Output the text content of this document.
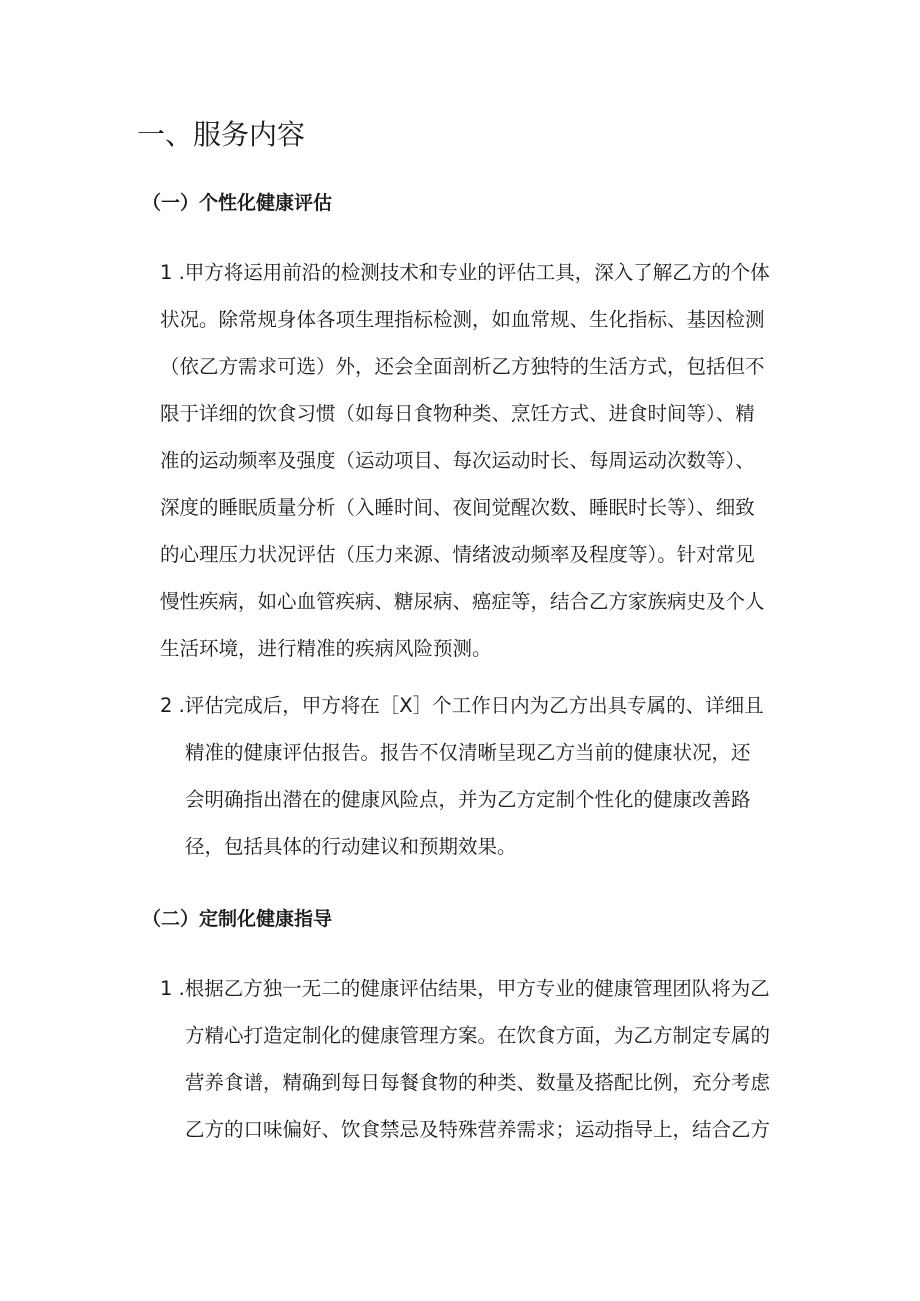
一、服务内容
（一）个性化健康评估
1 .甲方将运用前沿的检测技术和专业的评估工具，深入了解乙方的个体
状况。除常规身体各项生理指标检测，如血常规、生化指标、基因检测
（依乙方需求可选）外，还会全面剖析乙方独特的生活方式，包括但不
限于详细的饮食习惯（如每日食物种类、烹饪方式、进食时间等）、精
准的运动频率及强度（运动项目、每次运动时长、每周运动次数等）、
深度的睡眠质量分析（入睡时间、夜间觉醒次数、睡眠时长等）、细致
的心理压力状况评估（压力来源、情绪波动频率及程度等）。针对常见
慢性疾病，如心血管疾病、糖尿病、癌症等，结合乙方家族病史及个人
生活环境，进行精准的疾病风险预测。
2 .评估完成后，甲方将在［X］个工作日内为乙方出具专属的、详细且
精准的健康评估报告。报告不仅清晰呈现乙方当前的健康状况，还
会明确指出潜在的健康风险点，并为乙方定制个性化的健康改善路
径，包括具体的行动建议和预期效果。
（二）定制化健康指导
1 .根据乙方独一无二的健康评估结果，甲方专业的健康管理团队将为乙
方精心打造定制化的健康管理方案。在饮食方面，为乙方制定专属的
营养食谱，精确到每日每餐食物的种类、数量及搭配比例，充分考虑
乙方的口味偏好、饮食禁忌及特殊营养需求；运动指导上，结合乙方
